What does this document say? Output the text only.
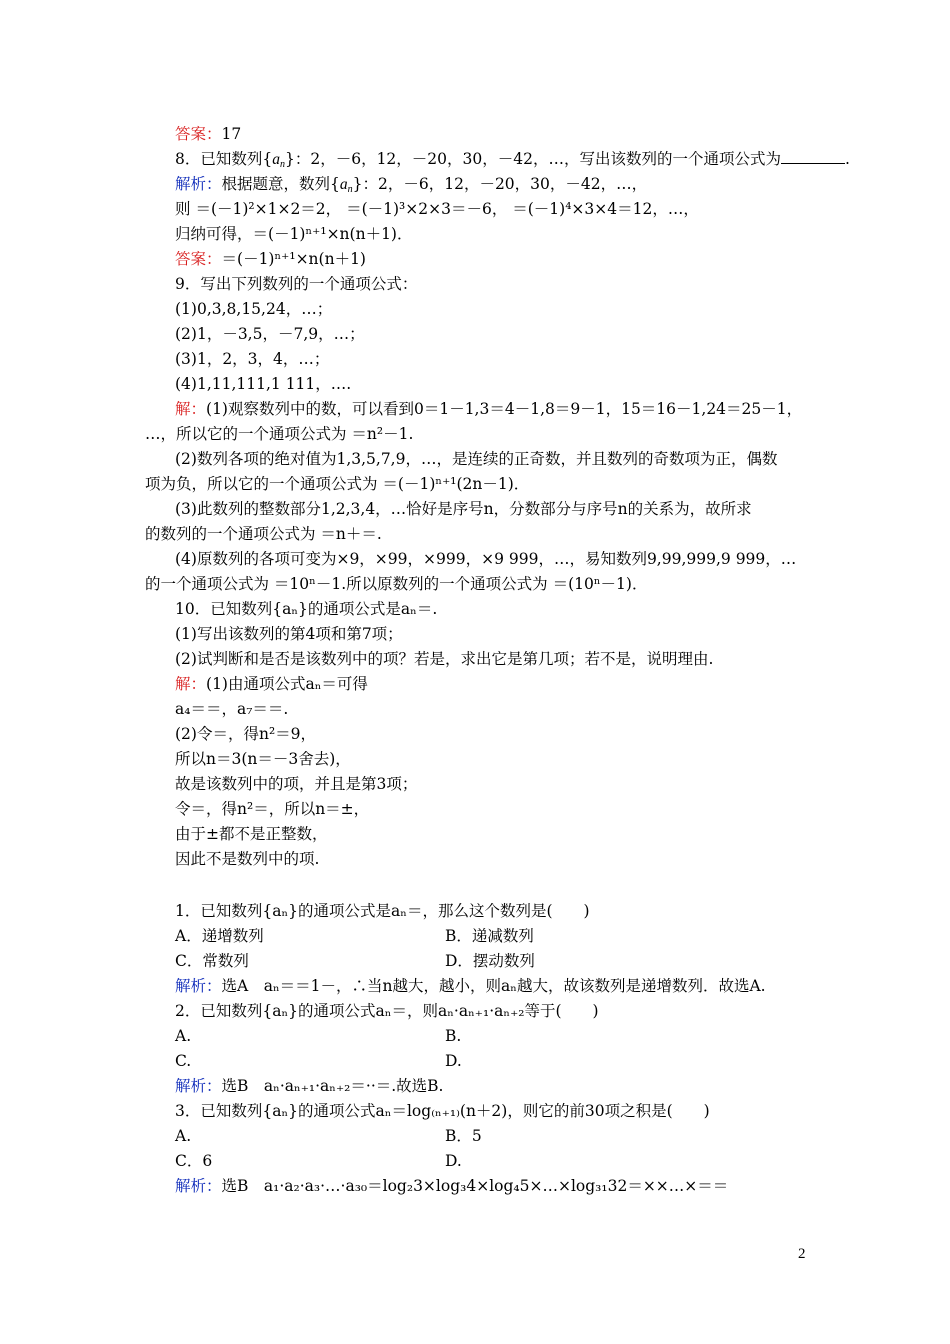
答案：17
8．已知数列$\{a_n\}$：2，－6，12，－20，30，－42，…，写出该数列的一个通项公式为	.
解析：根据题意，数列$\{a_n\}$：2，－6，12，－20，30，－42，…，
则 ＝(－1)²×1×2＝2， ＝(－1)³×2×3＝－6， ＝(－1)⁴×3×4＝12，…，
归纳可得，＝(－1)ⁿ⁺¹×n(n＋1)．
答案：＝(－1)ⁿ⁺¹×n(n＋1)
9．写出下列数列的一个通项公式：
(1)0,3,8,15,24，…；
(2)1，－3,5，－7,9，…；
(3)1，2，3，4，…；
(4)1,11,111,1 111，….
解：(1)观察数列中的数，可以看到0＝1－1,3＝4－1,8＝9－1，15＝16－1,24＝25－1，
…，所以它的一个通项公式为 ＝n²－1.
(2)数列各项的绝对值为1,3,5,7,9，…，是连续的正奇数，并且数列的奇数项为正，偶数
项为负，所以它的一个通项公式为 ＝(－1)ⁿ⁺¹(2n－1)．
(3)此数列的整数部分1,2,3,4，…恰好是序号n，分数部分与序号n的关系为，故所求
的数列的一个通项公式为 ＝n＋＝.
(4)原数列的各项可变为×9，×99，×999，×9 999，…，易知数列9,99,999,9 999，…
的一个通项公式为 ＝10ⁿ－1.所以原数列的一个通项公式为 ＝(10ⁿ－1)．
10．已知数列{aₙ}的通项公式是aₙ＝.
(1)写出该数列的第4项和第7项；
(2)试判断和是否是该数列中的项？若是，求出它是第几项；若不是，说明理由.
解：(1)由通项公式aₙ＝可得
a₄＝＝，a₇＝＝.
(2)令＝，得n²＝9，
所以n＝3(n＝－3舍去)，
故是该数列中的项，并且是第3项；
令＝，得n²＝，所以n＝±，
由于±都不是正整数，
因此不是数列中的项.
1．已知数列{aₙ}的通项公式是aₙ＝，那么这个数列是(　　)
A．递增数列	B．递减数列
C．常数列	D．摆动数列
解析：选A　aₙ＝＝1－，∴当n越大，越小，则aₙ越大，故该数列是递增数列．故选A.
2．已知数列{aₙ}的通项公式aₙ＝，则aₙ·aₙ₊₁·aₙ₊₂等于(　　)
A.	B.
C.	D.
解析：选B　aₙ·aₙ₊₁·aₙ₊₂＝··＝.故选B.
3．已知数列{aₙ}的通项公式aₙ＝log₍ₙ₊₁₎(n＋2)，则它的前30项之积是(　　)
A.	B．5
C．6	D.
解析：选B　a₁·a₂·a₃·…·a₃₀＝log₂3×log₃4×log₄5×…×log₃₁32＝××…×＝＝
2
